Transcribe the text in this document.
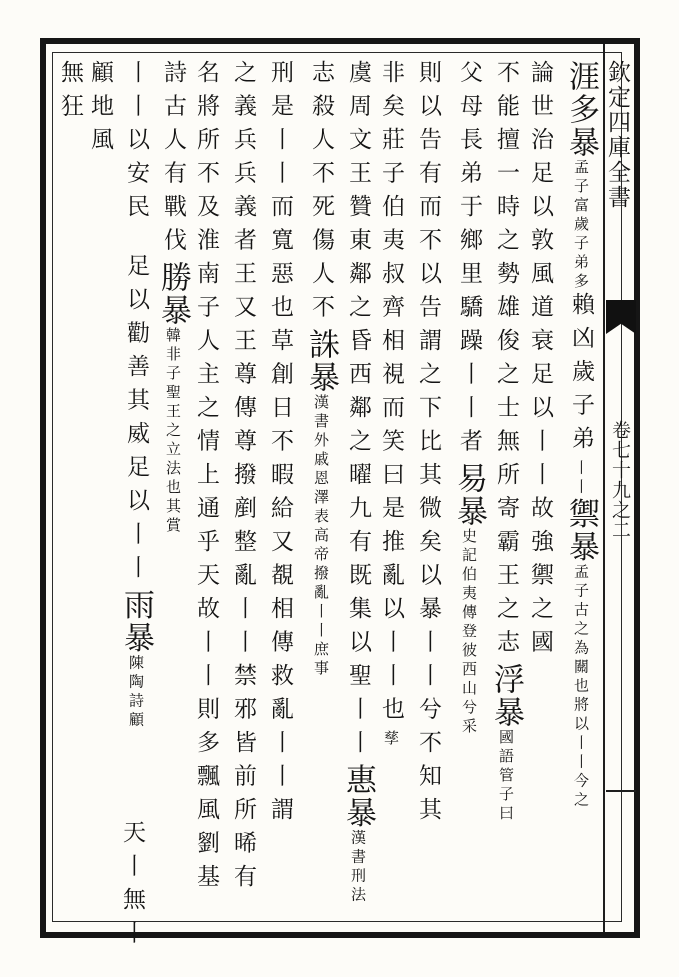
欽定四庫全書
卷七十九之二
涯多暴孟子富歲子弟多賴凶歲子弟丨丨禦暴孟子古之為關也將以丨丨今之
論世治足以敦風道衰足以丨丨故強禦之國
不能擅一時之勢雄俊之士無所寄霸王之志浮暴國語管子曰
父母長弟于鄉里驕躁丨丨者易暴史記伯夷傳登彼西山兮采
則以告有而不以告謂之下比其微矣以暴丨丨兮不知其
非矣莊子伯夷叔齊相視而笑曰是推亂以丨丨也孳
虞周文王贊東鄰之昏西鄰之曜九有既集以聖丨丨惠暴漢書刑法
志殺人不死傷人不誅暴漢書外戚恩澤表高帝撥亂丨丨庶事
刑是丨丨而寬惡也草創日不暇給又覩相傳救亂丨丨謂
之義兵兵義者王又王尊傳尊撥剷整亂丨丨禁邪皆前所晞有
名將所不及淮南子人主之情上通乎天故丨丨則多飄風劉基
詩古人有戰伐勝暴韓非子聖王之立法也其賞
丨丨以安民足以勸善其威足以丨丨雨暴陳陶詩顧
天丨無丨
顧地風
無狂
